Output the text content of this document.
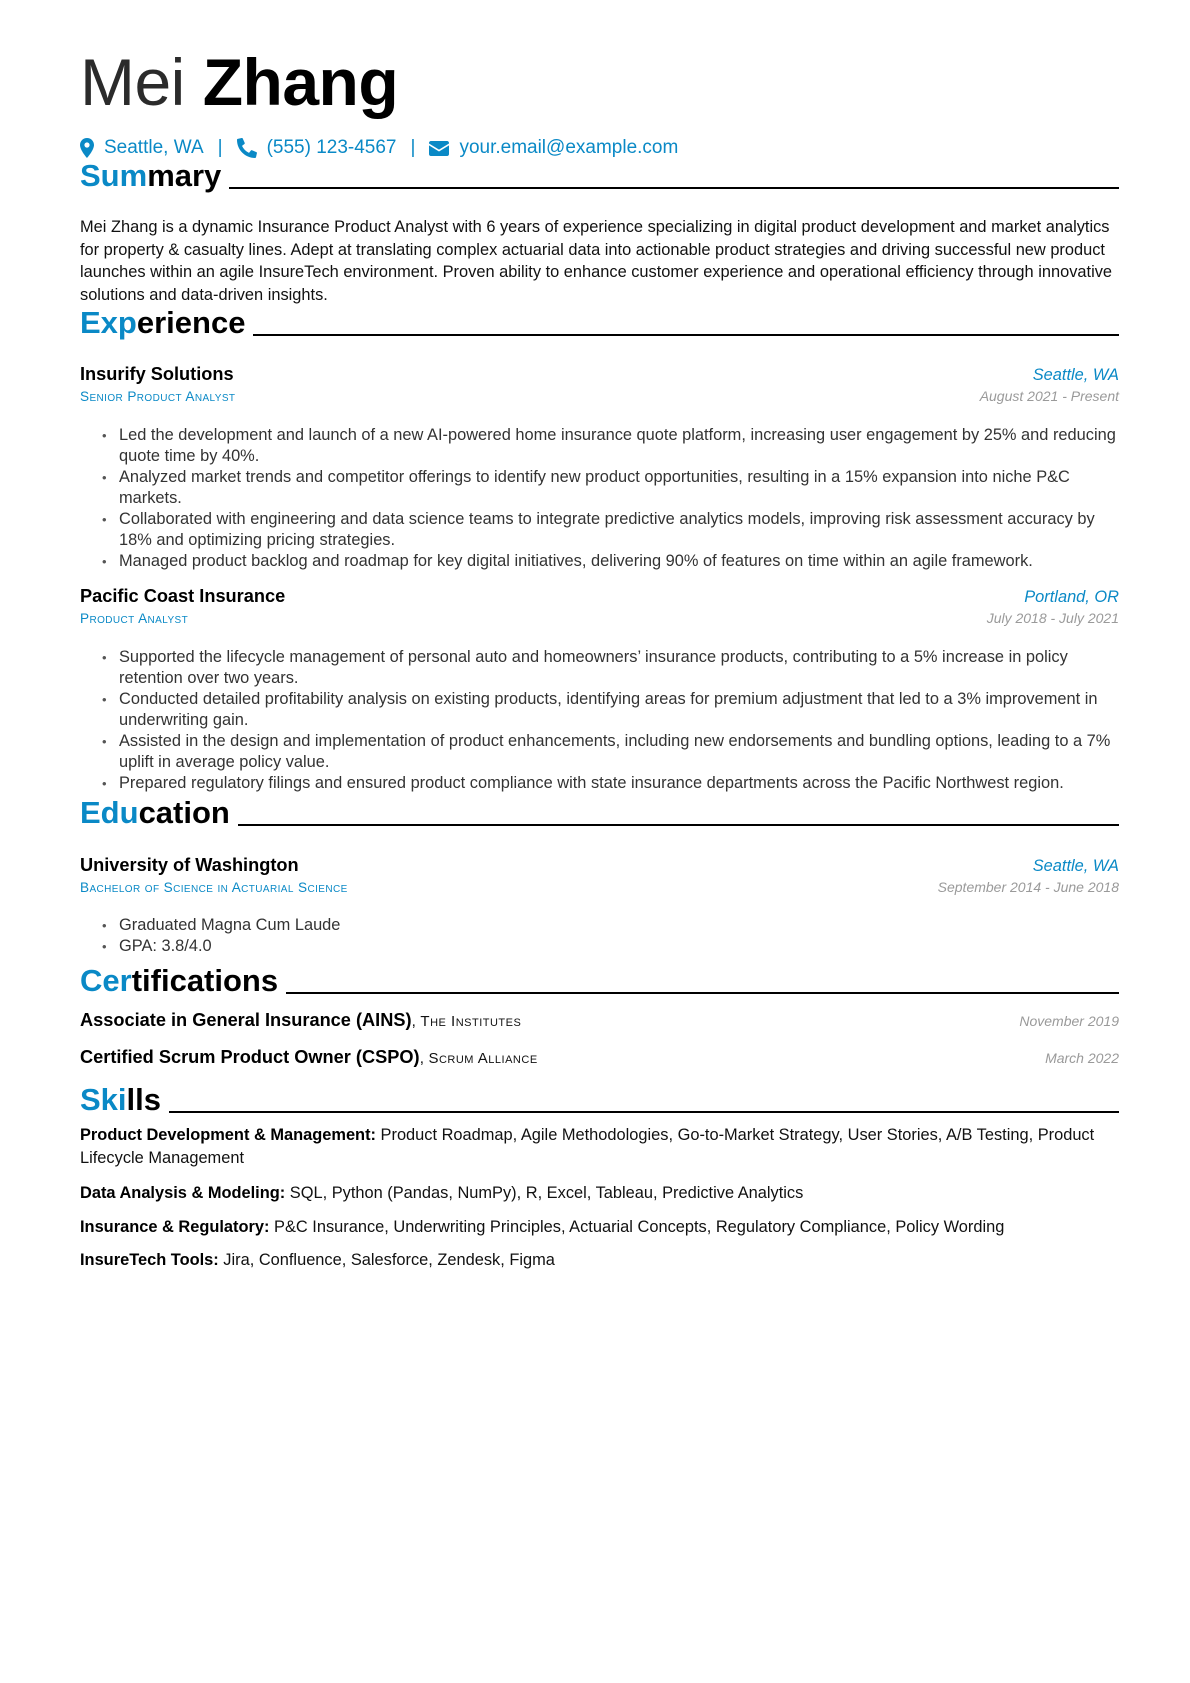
Mei Zhang
Seattle, WA | (555) 123-4567 | your.email@example.com
Summary

Mei Zhang is a dynamic Insurance Product Analyst with 6 years of experience specializing in digital product development and market analytics for property & casualty lines. Adept at translating complex actuarial data into actionable product strategies and driving successful new product launches within an agile InsureTech environment. Proven ability to enhance customer experience and operational efficiency through innovative solutions and data-driven insights.

Experience
Insurify Solutions	Seattle, WA
Senior Product Analyst	August 2021 - Present
• Led the development and launch of a new AI-powered home insurance quote platform, increasing user engagement by 25% and reducing quote time by 40%.
• Analyzed market trends and competitor offerings to identify new product opportunities, resulting in a 15% expansion into niche P&C markets.
• Collaborated with engineering and data science teams to integrate predictive analytics models, improving risk assessment accuracy by 18% and optimizing pricing strategies.
• Managed product backlog and roadmap for key digital initiatives, delivering 90% of features on time within an agile framework.
Pacific Coast Insurance	Portland, OR
Product Analyst	July 2018 - July 2021
• Supported the lifecycle management of personal auto and homeowners’ insurance products, contributing to a 5% increase in policy retention over two years.
• Conducted detailed profitability analysis on existing products, identifying areas for premium adjustment that led to a 3% improvement in underwriting gain.
• Assisted in the design and implementation of product enhancements, including new endorsements and bundling options, leading to a 7% uplift in average policy value.
• Prepared regulatory filings and ensured product compliance with state insurance departments across the Pacific Northwest region.
Education
University of Washington	Seattle, WA
Bachelor of Science in Actuarial Science	September 2014 - June 2018
• Graduated Magna Cum Laude
• GPA: 3.8/4.0
Certifications
Associate in General Insurance (AINS), The Institutes	November 2019
Certified Scrum Product Owner (CSPO), Scrum Alliance	March 2022
Skills

Product Development & Management: Product Roadmap, Agile Methodologies, Go-to-Market Strategy, User Stories, A/B Testing, Product Lifecycle Management

Data Analysis & Modeling: SQL, Python (Pandas, NumPy), R, Excel, Tableau, Predictive Analytics

Insurance & Regulatory: P&C Insurance, Underwriting Principles, Actuarial Concepts, Regulatory Compliance, Policy Wording

InsureTech Tools: Jira, Confluence, Salesforce, Zendesk, Figma
